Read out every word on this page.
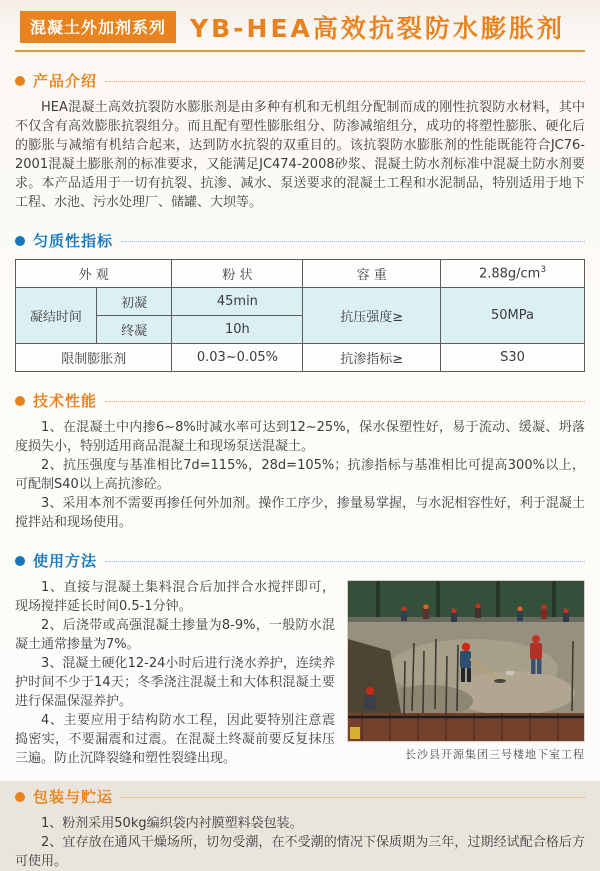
混凝土外加剂系列 YB-HEA高效抗裂防水膨胀剂
产品介绍

HEA混凝土高效抗裂防水膨胀剂是由多种有机和无机组分配制而成的刚性抗裂防水材料，其中不仅含有高效膨胀抗裂组分。而且配有塑性膨胀组分、防渗减缩组分，成功的将塑性膨胀、硬化后的膨胀与减缩有机结合起来，达到防水抗裂的双重目的。该抗裂防水膨胀剂的性能既能符合JC76-2001混凝土膨胀剂的标准要求，又能满足JC474-2008砂浆、混凝土防水剂标准中混凝土防水剂要求。本产品适用于一切有抗裂、抗渗、减水、泵送要求的混凝土工程和水泥制品，特别适用于地下工程、水池、污水处理厂、储罐、大坝等。

匀质性指标
外 观		粉 状	容 重	$2.88g/cm^3$
凝结时间	初凝	45min	抗压强度≥	50MPa
	终凝	10h		
限制膨胀剂		0.03~0.05%	抗渗指标≥	S30
技术性能

1、在混凝土中内掺6~8%时减水率可达到12~25%，保水保塑性好，易于流动、缓凝、坍落度损失小，特别适用商品混凝土和现场泵送混凝土。

2、抗压强度与基准相比7d=115%，28d=105%；抗渗指标与基准相比可提高300%以上，可配制S40以上高抗渗砼。

3、采用本剂不需要再掺任何外加剂。操作工序少，掺量易掌握，与水泥相容性好，利于混凝土搅拌站和现场使用。

使用方法
长沙县开源集团三号楼地下室工程

1、直接与混凝土集料混合后加拌合水搅拌即可，现场搅拌延长时间0.5-1分钟。

2、后浇带或高强混凝土掺量为8-9%，一般防水混凝土通常掺量为7%。

3、混凝土硬化12-24小时后进行浇水养护，连续养护时间不少于14天；冬季浇注混凝土和大体积混凝土要进行保温保湿养护。

4、主要应用于结构防水工程，因此要特别注意震捣密实，不要漏震和过震。在混凝土终凝前要反复抹压三遍。防止沉降裂缝和塑性裂缝出现。

包装与贮运

1、粉剂采用50kg编织袋内衬膜塑料袋包装。

2、宜存放在通风干燥场所，切勿受潮，在不受潮的情况下保质期为三年，过期经试配合格后方可使用。
